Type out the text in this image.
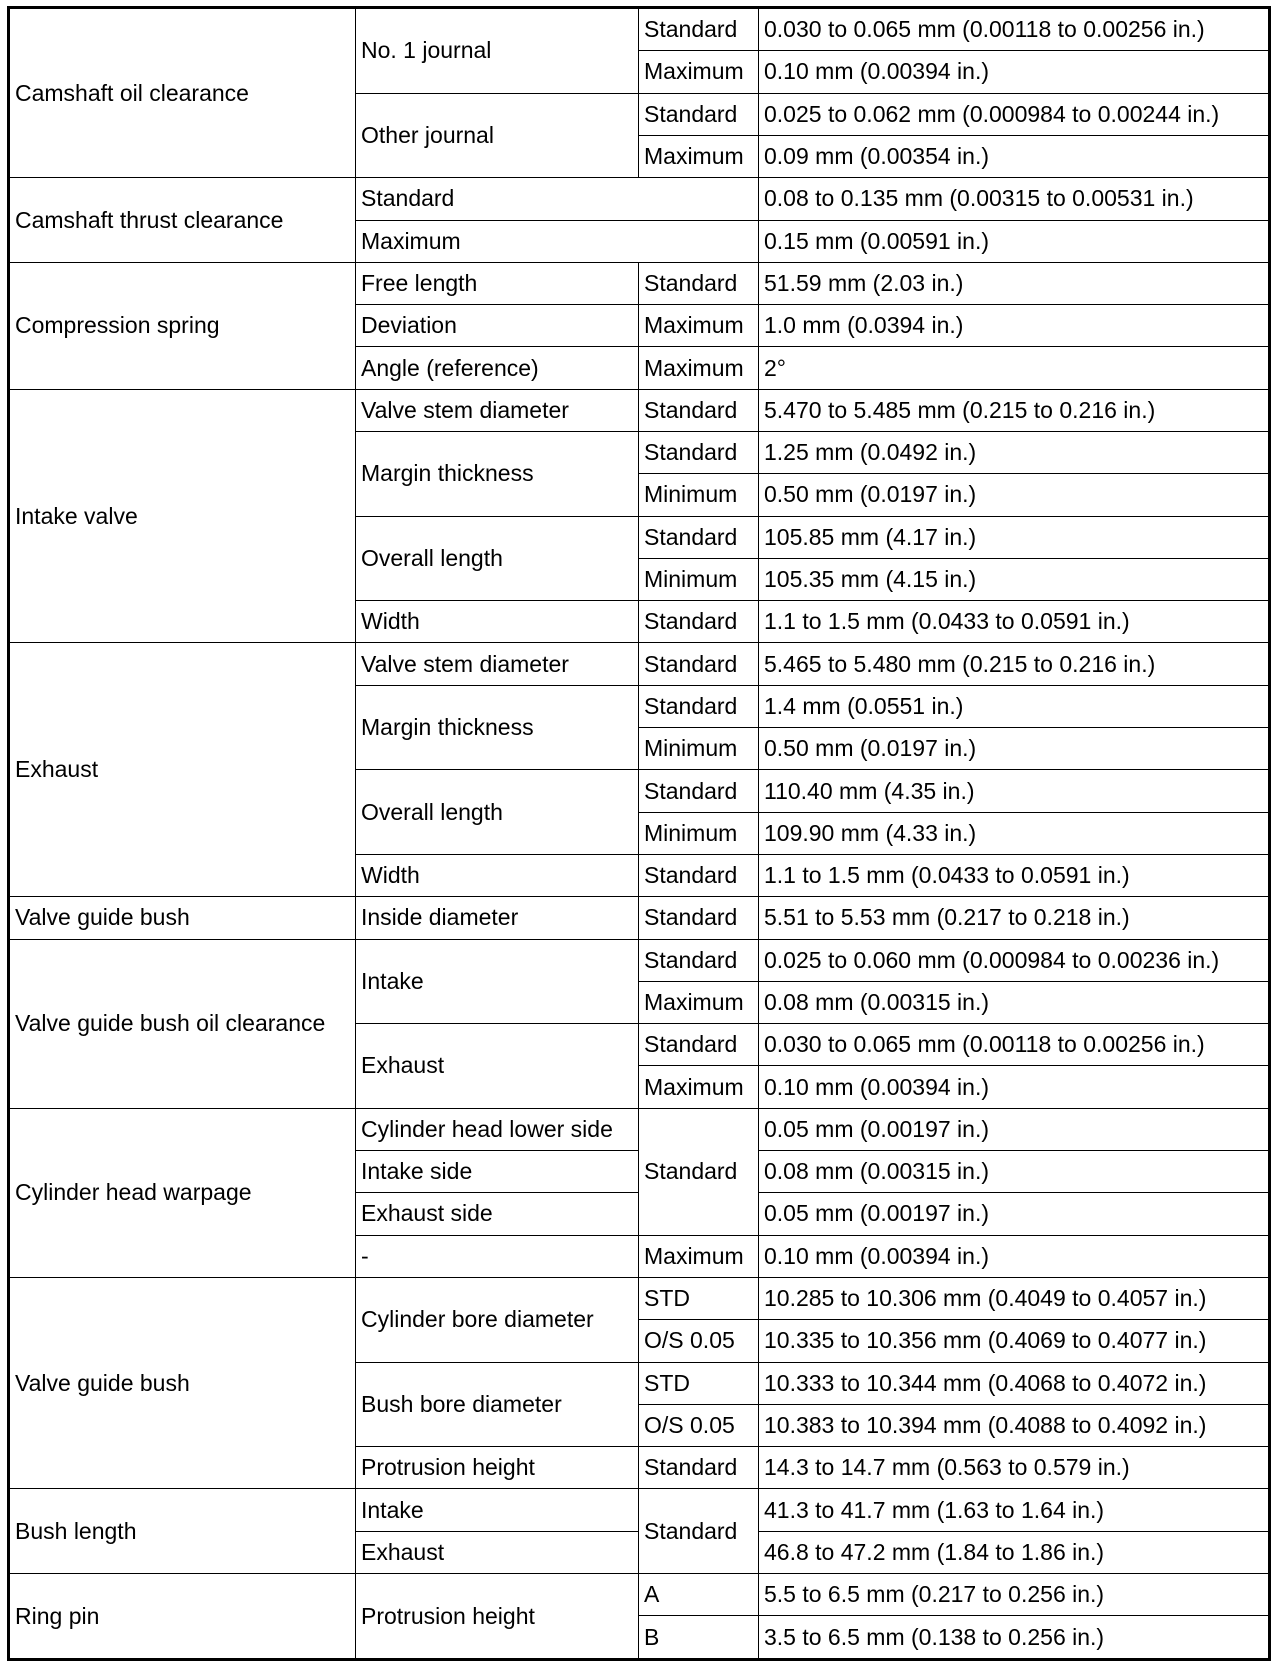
Camshaft oil clearance	No. 1 journal	Standard	0.030 to 0.065 mm (0.00118 to 0.00256 in.)
		Maximum	0.10 mm (0.00394 in.)
	Other journal	Standard	0.025 to 0.062 mm (0.000984 to 0.00244 in.)
		Maximum	0.09 mm (0.00354 in.)
Camshaft thrust clearance	Standard		0.08 to 0.135 mm (0.00315 to 0.00531 in.)
	Maximum		0.15 mm (0.00591 in.)
Compression spring	Free length	Standard	51.59 mm (2.03 in.)
	Deviation	Maximum	1.0 mm (0.0394 in.)
	Angle (reference)	Maximum	2°
Intake valve	Valve stem diameter	Standard	5.470 to 5.485 mm (0.215 to 0.216 in.)
	Margin thickness	Standard	1.25 mm (0.0492 in.)
		Minimum	0.50 mm (0.0197 in.)
	Overall length	Standard	105.85 mm (4.17 in.)
		Minimum	105.35 mm (4.15 in.)
	Width	Standard	1.1 to 1.5 mm (0.0433 to 0.0591 in.)
Exhaust	Valve stem diameter	Standard	5.465 to 5.480 mm (0.215 to 0.216 in.)
	Margin thickness	Standard	1.4 mm (0.0551 in.)
		Minimum	0.50 mm (0.0197 in.)
	Overall length	Standard	110.40 mm (4.35 in.)
		Minimum	109.90 mm (4.33 in.)
	Width	Standard	1.1 to 1.5 mm (0.0433 to 0.0591 in.)
Valve guide bush	Inside diameter	Standard	5.51 to 5.53 mm (0.217 to 0.218 in.)
Valve guide bush oil clearance	Intake	Standard	0.025 to 0.060 mm (0.000984 to 0.00236 in.)
		Maximum	0.08 mm (0.00315 in.)
	Exhaust	Standard	0.030 to 0.065 mm (0.00118 to 0.00256 in.)
		Maximum	0.10 mm (0.00394 in.)
Cylinder head warpage	Cylinder head lower side	Standard	0.05 mm (0.00197 in.)
	Intake side		0.08 mm (0.00315 in.)
	Exhaust side		0.05 mm (0.00197 in.)
	-	Maximum	0.10 mm (0.00394 in.)
Valve guide bush	Cylinder bore diameter	STD	10.285 to 10.306 mm (0.4049 to 0.4057 in.)
		O/S 0.05	10.335 to 10.356 mm (0.4069 to 0.4077 in.)
	Bush bore diameter	STD	10.333 to 10.344 mm (0.4068 to 0.4072 in.)
		O/S 0.05	10.383 to 10.394 mm (0.4088 to 0.4092 in.)
	Protrusion height	Standard	14.3 to 14.7 mm (0.563 to 0.579 in.)
Bush length	Intake	Standard	41.3 to 41.7 mm (1.63 to 1.64 in.)
	Exhaust		46.8 to 47.2 mm (1.84 to 1.86 in.)
Ring pin	Protrusion height	A	5.5 to 6.5 mm (0.217 to 0.256 in.)
		B	3.5 to 6.5 mm (0.138 to 0.256 in.)
